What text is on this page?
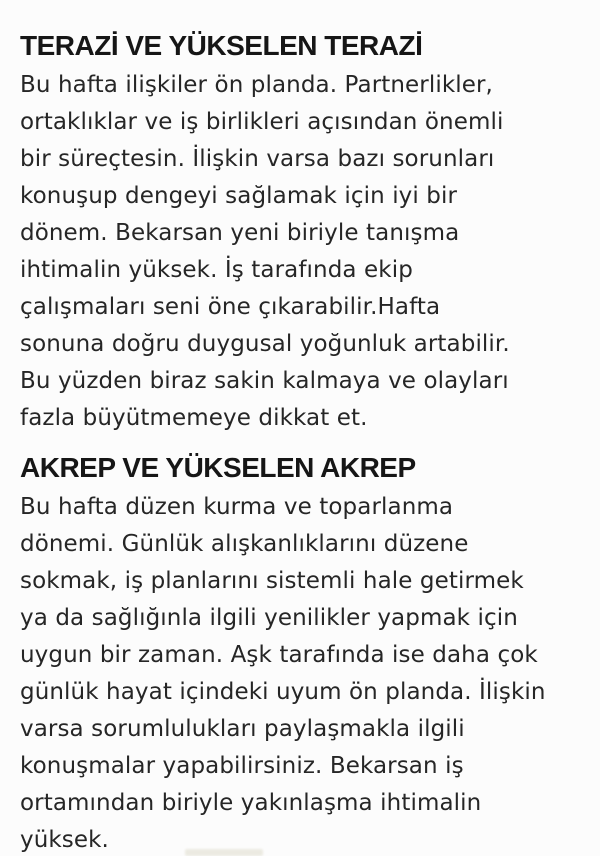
TERAZİ VE YÜKSELEN TERAZİ
Bu hafta ilişkiler ön planda. Partnerlikler,
ortaklıklar ve iş birlikleri açısından önemli
bir süreçtesin. İlişkin varsa bazı sorunları
konuşup dengeyi sağlamak için iyi bir
dönem. Bekarsan yeni biriyle tanışma
ihtimalin yüksek. İş tarafında ekip
çalışmaları seni öne çıkarabilir.Hafta
sonuna doğru duygusal yoğunluk artabilir.
Bu yüzden biraz sakin kalmaya ve olayları
fazla büyütmemeye dikkat et.
AKREP VE YÜKSELEN AKREP
Bu hafta düzen kurma ve toparlanma
dönemi. Günlük alışkanlıklarını düzene
sokmak, iş planlarını sistemli hale getirmek
ya da sağlığınla ilgili yenilikler yapmak için
uygun bir zaman. Aşk tarafında ise daha çok
günlük hayat içindeki uyum ön planda. İlişkin
varsa sorumlulukları paylaşmakla ilgili
konuşmalar yapabilirsiniz. Bekarsan iş
ortamından biriyle yakınlaşma ihtimalin
yüksek.
